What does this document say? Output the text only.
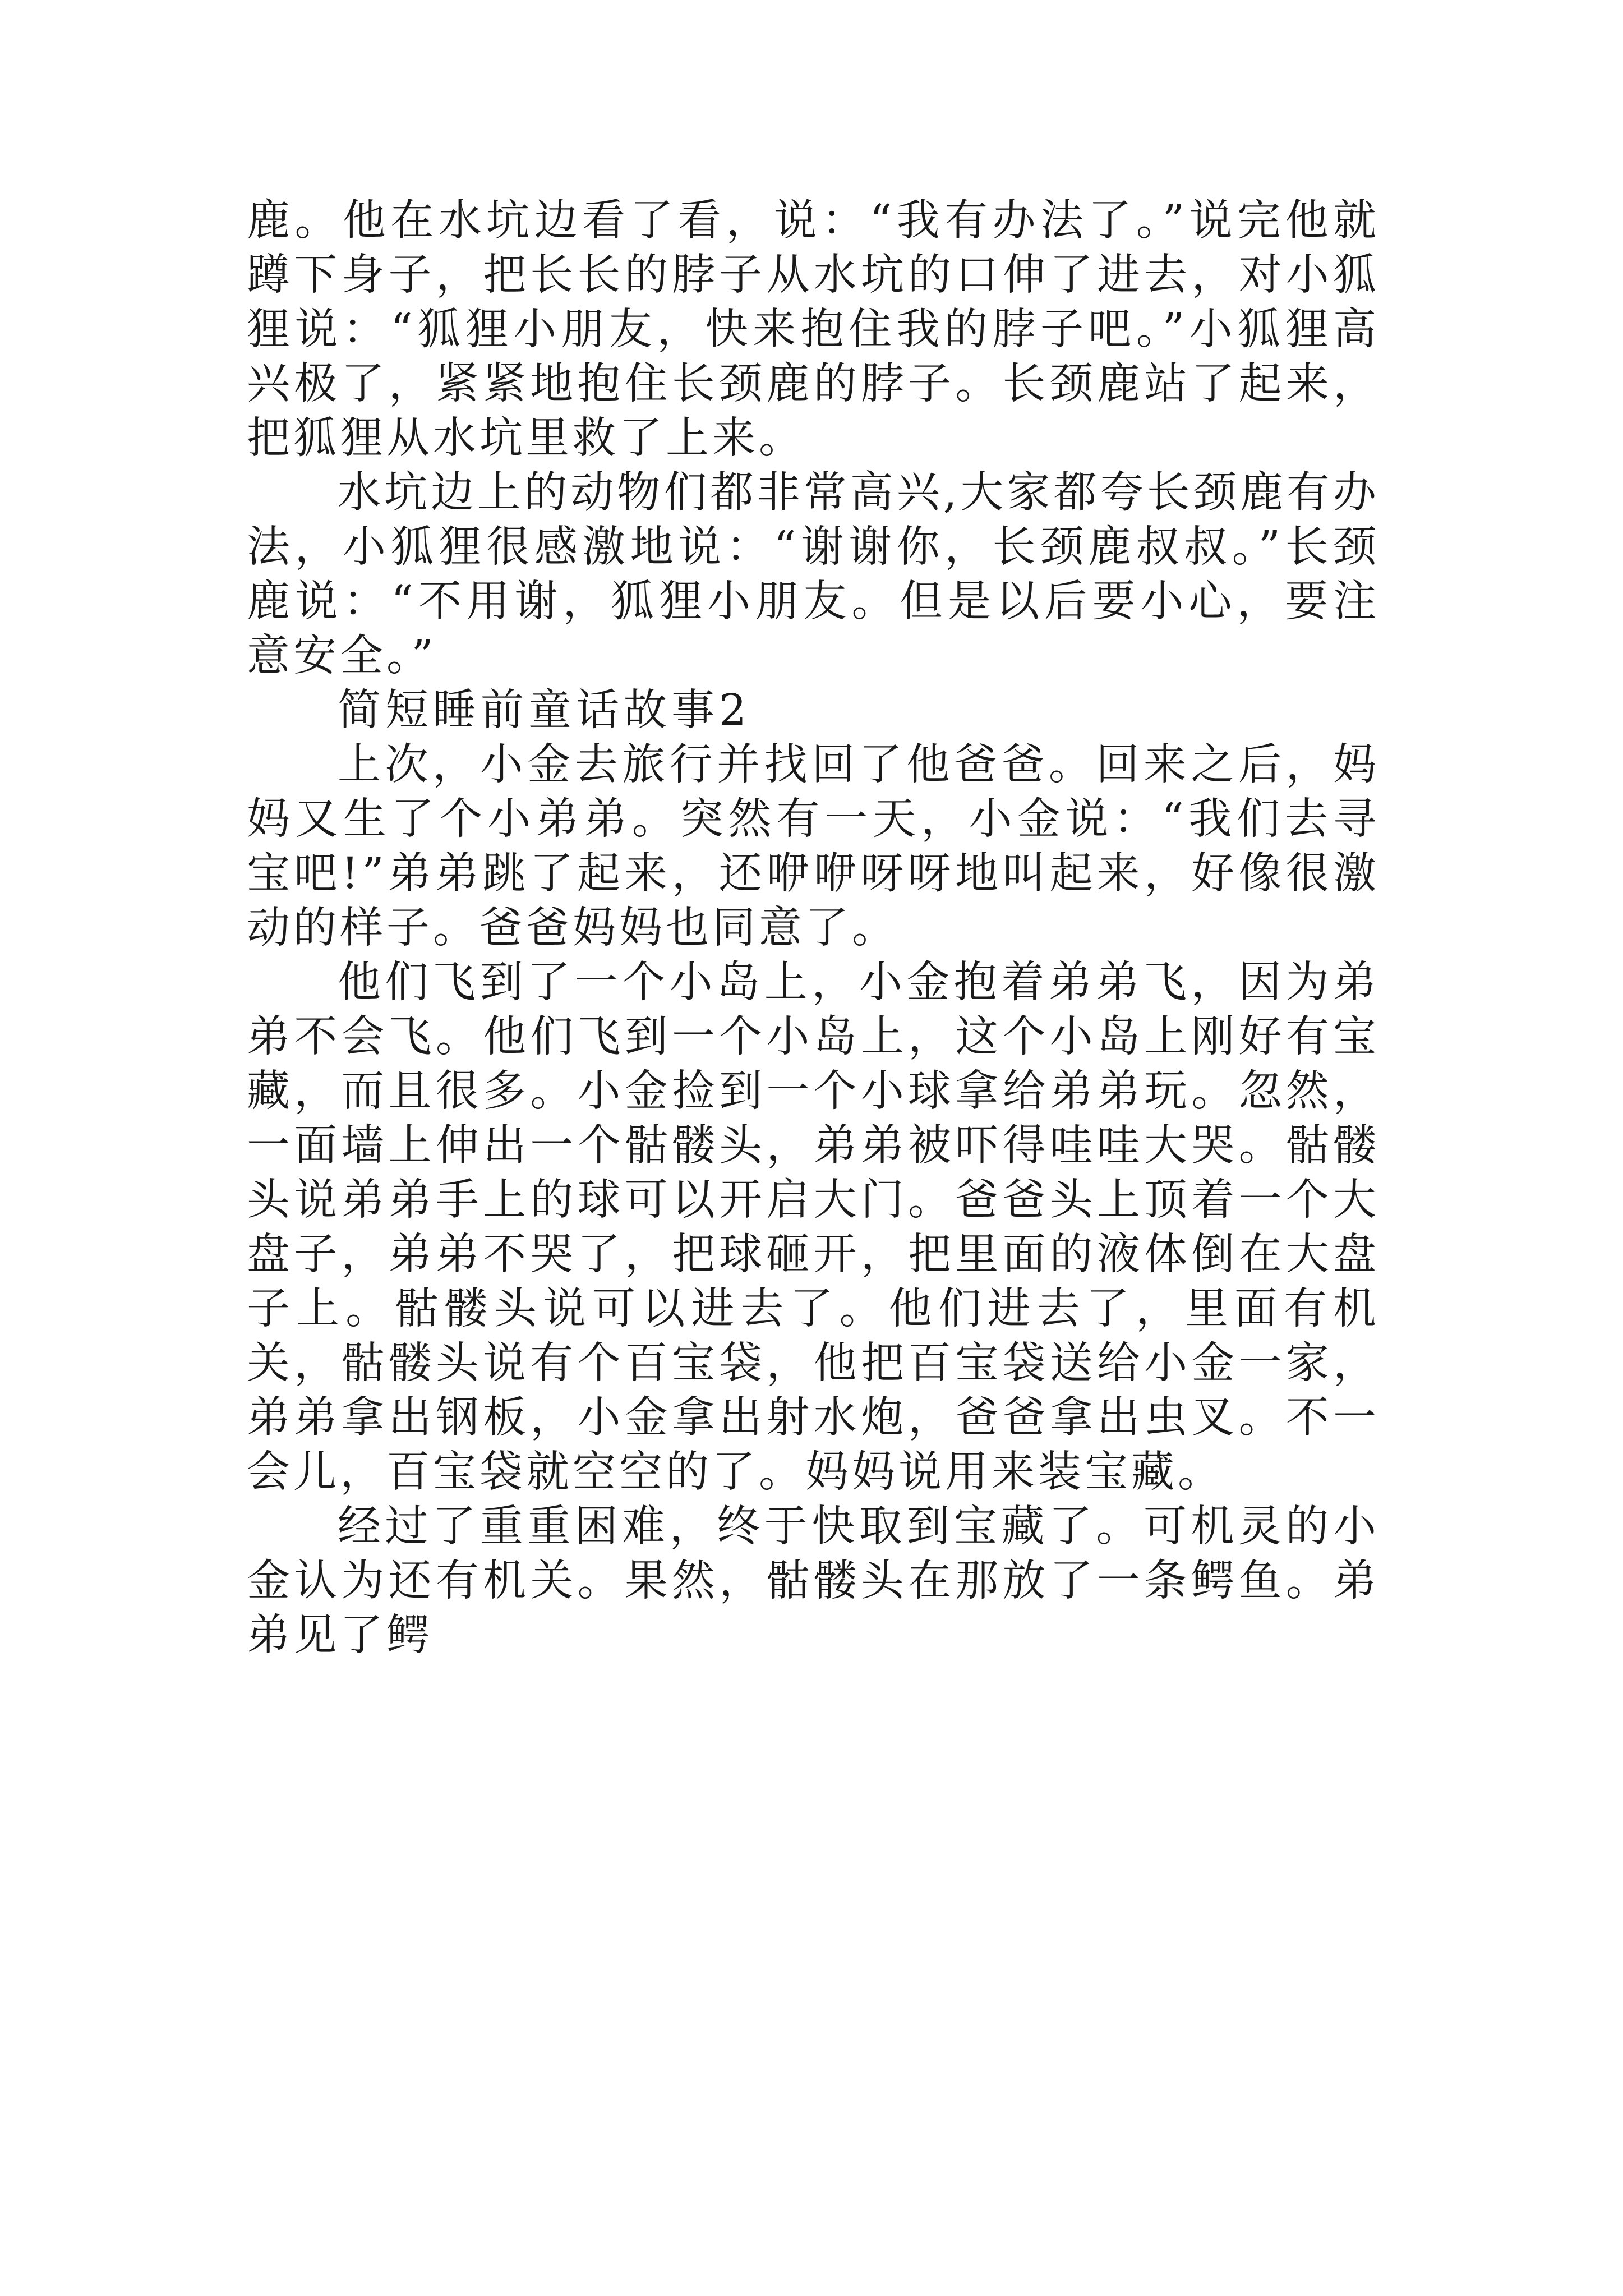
鹿。他在水坑边看了看，说：“我有办法了。”说完他就蹲下身子，把长长的脖子从水坑的口伸了进去，对小狐狸说：“狐狸小朋友，快来抱住我的脖子吧。”小狐狸高兴极了，紧紧地抱住长颈鹿的脖子。长颈鹿站了起来，把狐狸从水坑里救了上来。

水坑边上的动物们都非常高兴,大家都夸长颈鹿有办法，小狐狸很感激地说：“谢谢你，长颈鹿叔叔。”长颈鹿说：“不用谢，狐狸小朋友。但是以后要小心，要注意安全。”

简短睡前童话故事2

上次，小金去旅行并找回了他爸爸。回来之后，妈妈又生了个小弟弟。突然有一天，小金说：“我们去寻宝吧!”弟弟跳了起来，还咿咿呀呀地叫起来，好像很激动的样子。爸爸妈妈也同意了。

他们飞到了一个小岛上，小金抱着弟弟飞，因为弟弟不会飞。他们飞到一个小岛上，这个小岛上刚好有宝藏，而且很多。小金捡到一个小球拿给弟弟玩。忽然，一面墙上伸出一个骷髅头，弟弟被吓得哇哇大哭。骷髅头说弟弟手上的球可以开启大门。爸爸头上顶着一个大盘子，弟弟不哭了，把球砸开，把里面的液体倒在大盘子上。骷髅头说可以进去了。他们进去了，里面有机关，骷髅头说有个百宝袋，他把百宝袋送给小金一家，弟弟拿出钢板，小金拿出射水炮，爸爸拿出虫叉。不一会儿，百宝袋就空空的了。妈妈说用来装宝藏。

经过了重重困难，终于快取到宝藏了。可机灵的小金认为还有机关。果然，骷髅头在那放了一条鳄鱼。弟弟见了鳄
